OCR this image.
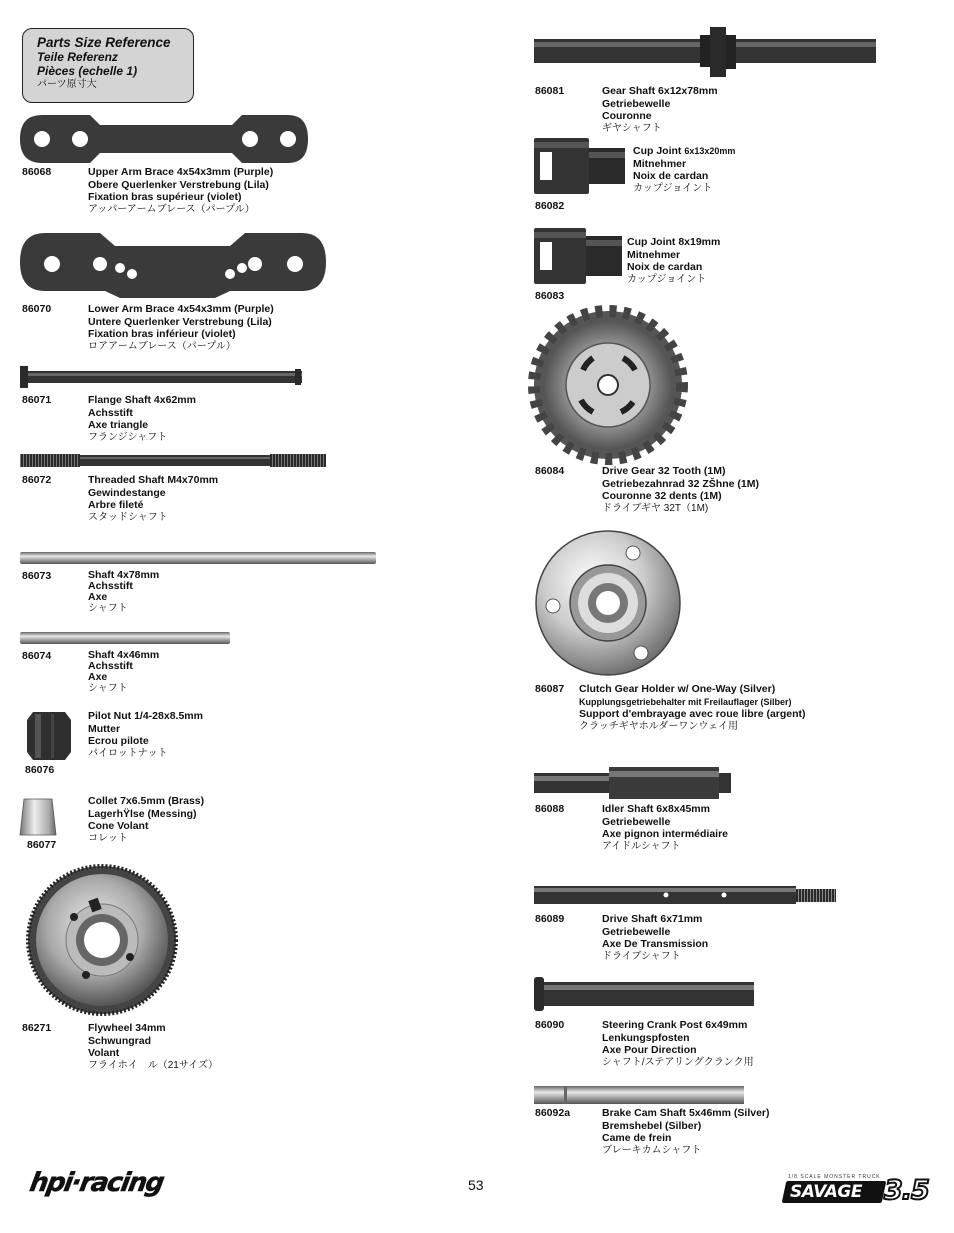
Parts Size Reference
Teile Referenz
Pièces (echelle 1)
パーツ原寸大
86068	Upper Arm Brace 4x54x3mm (Purple)
Obere Querlenker Verstrebung (Lila)
Fixation bras supérieur (violet)
アッパーアームブレース（パープル）
86070	Lower Arm Brace 4x54x3mm (Purple)
Untere Querlenker Verstrebung (Lila)
Fixation bras inférieur (violet)
ロアアームブレース（パープル）
86071	Flange Shaft 4x62mm
Achsstift
Axe triangle
フランジシャフト
86072	Threaded Shaft M4x70mm
Gewindestange
Arbre fileté
スタッドシャフト
86073	Shaft 4x78mm
Achsstift
Axe
シャフト
86074	Shaft 4x46mm
Achsstift
Axe
シャフト
86076
Pilot Nut 1/4-28x8.5mm
Mutter
Ecrou pilote
パイロットナット
86077
Collet 7x6.5mm (Brass)
LagerhŸlse (Messing)
Cone Volant
コレット
86271	Flywheel 34mm
Schwungrad
Volant
フライホイ　ル（21サイズ）
86081	Gear Shaft 6x12x78mm
Getriebewelle
Couronne
ギヤシャフト
86082
Cup Joint 6x13x20mm
Mitnehmer
Noix de cardan
カップジョイント
86083
Cup Joint 8x19mm
Mitnehmer
Noix de cardan
カップジョイント
86084	Drive Gear 32 Tooth (1M)
Getriebezahnrad 32 ZŠhne (1M)
Couronne 32 dents (1M)
ドライブギヤ 32T（1M)
86087 Clutch Gear Holder w/ One-Way (Silver)
Kupplungsgetriebehalter mit Freilauflager (Silber)
Support d'embrayage avec roue libre (argent)
クラッチギヤホルダーワンウェイ用
86088	Idler Shaft 6x8x45mm
Getriebewelle
Axe pignon intermédiaire
アイドルシャフト
86089	Drive Shaft 6x71mm
Getriebewelle
Axe De Transmission
ドライブシャフト
86090	Steering Crank Post 6x49mm
Lenkungspfosten
Axe Pour Direction
シャフト/ステアリングクランク用
86092a	Brake Cam Shaft 5x46mm (Silver)
Bremshebel (Silber)
Came de frein
ブレーキカムシャフト
hpi·racing	53	1/8 SCALE MONSTER TRUCK
SAVAGE 3.5
